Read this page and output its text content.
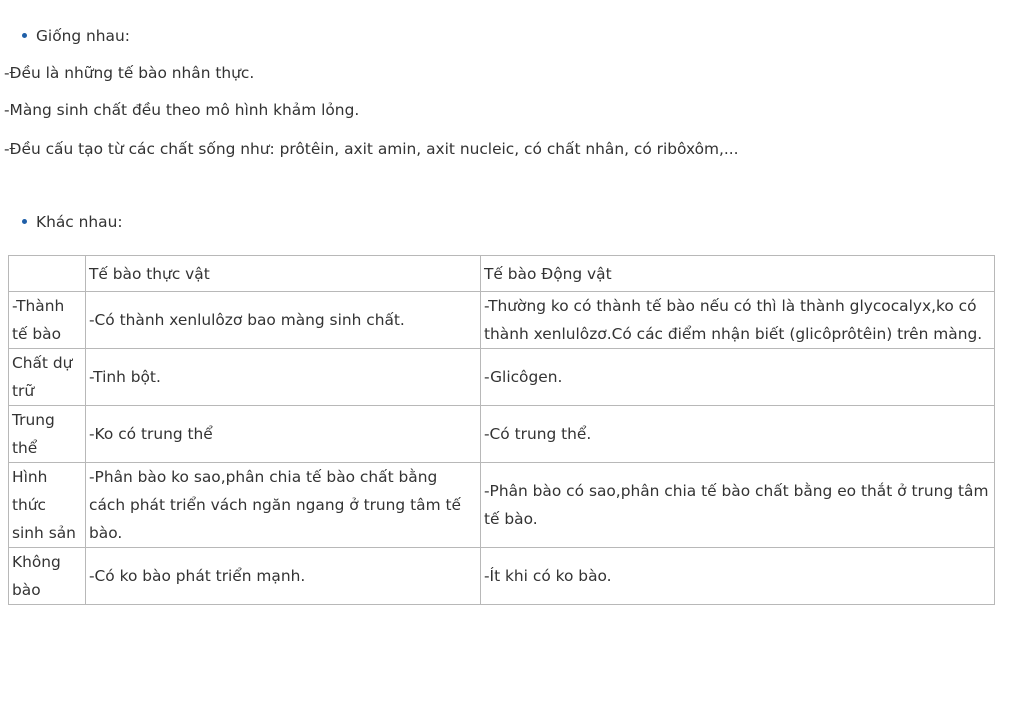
Giống nhau:
-Đều là những tế bào nhân thực.
-Màng sinh chất đều theo mô hình khảm lỏng.
-Đều cấu tạo từ các chất sống như: prôtêin, axit amin, axit nucleic, có chất nhân, có ribôxôm,...
Khác nhau:
	Tế bào thực vật	Tế bào Động vật
-Thành tế bào	-Có thành xenlulôzơ bao màng sinh chất.	-Thường ko có thành tế bào nếu có thì là thành glycocalyx,ko có thành xenlulôzơ.Có các điểm nhận biết (glicôprôtêin) trên màng.
Chất dự trữ	-Tinh bột.	-Glicôgen.
Trung thể	-Ko có trung thể	-Có trung thể.
Hình thức sinh sản	-Phân bào ko sao,phân chia tế bào chất bằng cách phát triển vách ngăn ngang ở trung tâm tế bào.	-Phân bào có sao,phân chia tế bào chất bằng eo thắt ở trung tâm tế bào.
Không bào	-Có ko bào phát triển mạnh.	-Ít khi có ko bào.
